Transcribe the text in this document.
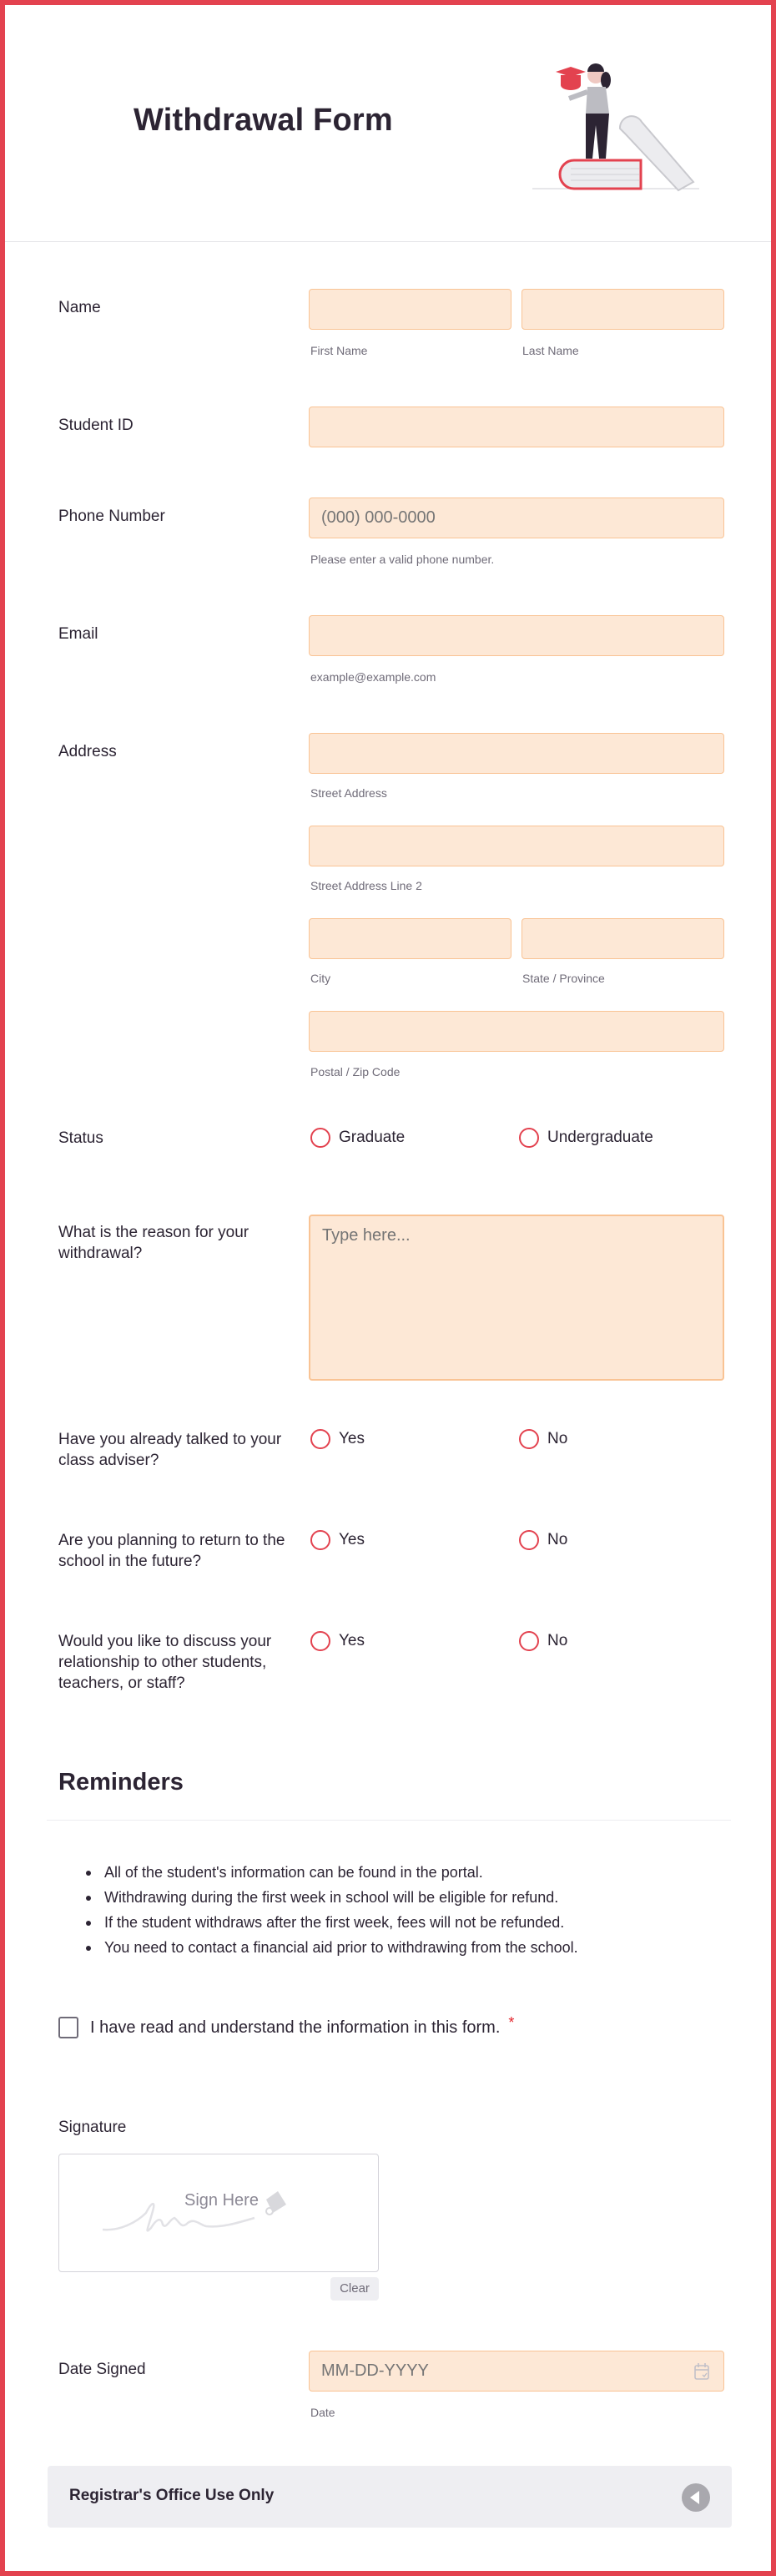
Withdrawal Form
Name
First Name	Last Name
Student ID
Phone Number
(000) 000-0000
Please enter a valid phone number.
Email
example@example.com
Address
Street Address
Street Address Line 2
City	State / Province
Postal / Zip Code
Status	Graduate	Undergraduate
What is the reason for your withdrawal?
Type here...
Have you already talked to your class adviser?
Yes	No
Are you planning to return to the school in the future?
Yes	No
Would you like to discuss your relationship to other students, teachers, or staff?
Yes	No
Reminders
All of the student's information can be found in the portal.
Withdrawing during the first week in school will be eligible for refund.
If the student withdraws after the first week, fees will not be refunded.
You need to contact a financial aid prior to withdrawing from the school.
I have read and understand the information in this form. *
Signature
Sign Here
Clear
Date Signed
MM-DD-YYYY
Date
Registrar's Office Use Only
